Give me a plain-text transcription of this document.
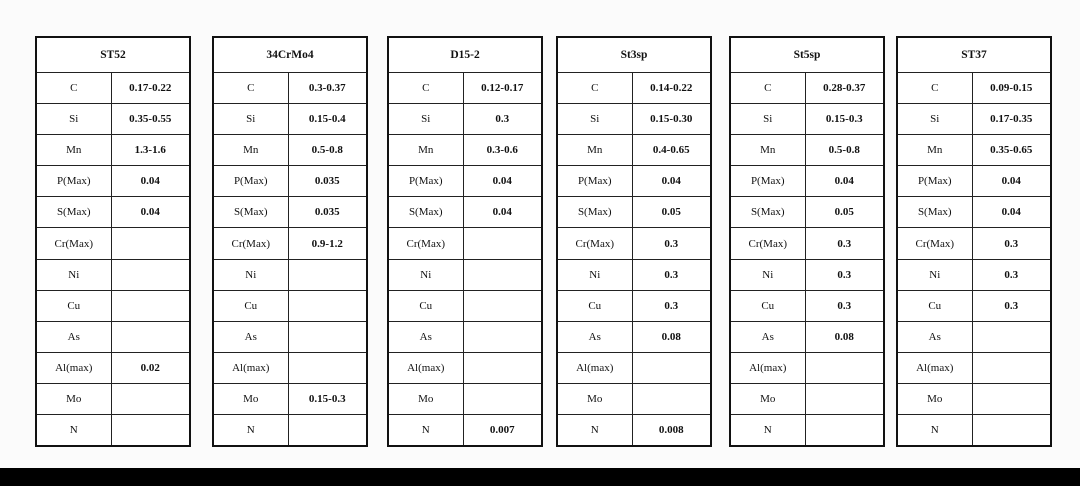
ST52	
C	0.17-0.22
Si	0.35-0.55
Mn	1.3-1.6
P(Max)	0.04
S(Max)	0.04
Cr(Max)	
Ni	
Cu	
As	
Al(max)	0.02
Mo	
N	
34CrMo4	
C	0.3-0.37
Si	0.15-0.4
Mn	0.5-0.8
P(Max)	0.035
S(Max)	0.035
Cr(Max)	0.9-1.2
Ni	
Cu	
As	
Al(max)	
Mo	0.15-0.3
N	
D15-2	
C	0.12-0.17
Si	0.3
Mn	0.3-0.6
P(Max)	0.04
S(Max)	0.04
Cr(Max)	
Ni	
Cu	
As	
Al(max)	
Mo	
N	0.007
St3sp	
C	0.14-0.22
Si	0.15-0.30
Mn	0.4-0.65
P(Max)	0.04
S(Max)	0.05
Cr(Max)	0.3
Ni	0.3
Cu	0.3
As	0.08
Al(max)	
Mo	
N	0.008
St5sp	
C	0.28-0.37
Si	0.15-0.3
Mn	0.5-0.8
P(Max)	0.04
S(Max)	0.05
Cr(Max)	0.3
Ni	0.3
Cu	0.3
As	0.08
Al(max)	
Mo	
N	
ST37	
C	0.09-0.15
Si	0.17-0.35
Mn	0.35-0.65
P(Max)	0.04
S(Max)	0.04
Cr(Max)	0.3
Ni	0.3
Cu	0.3
As	
Al(max)	
Mo	
N	
